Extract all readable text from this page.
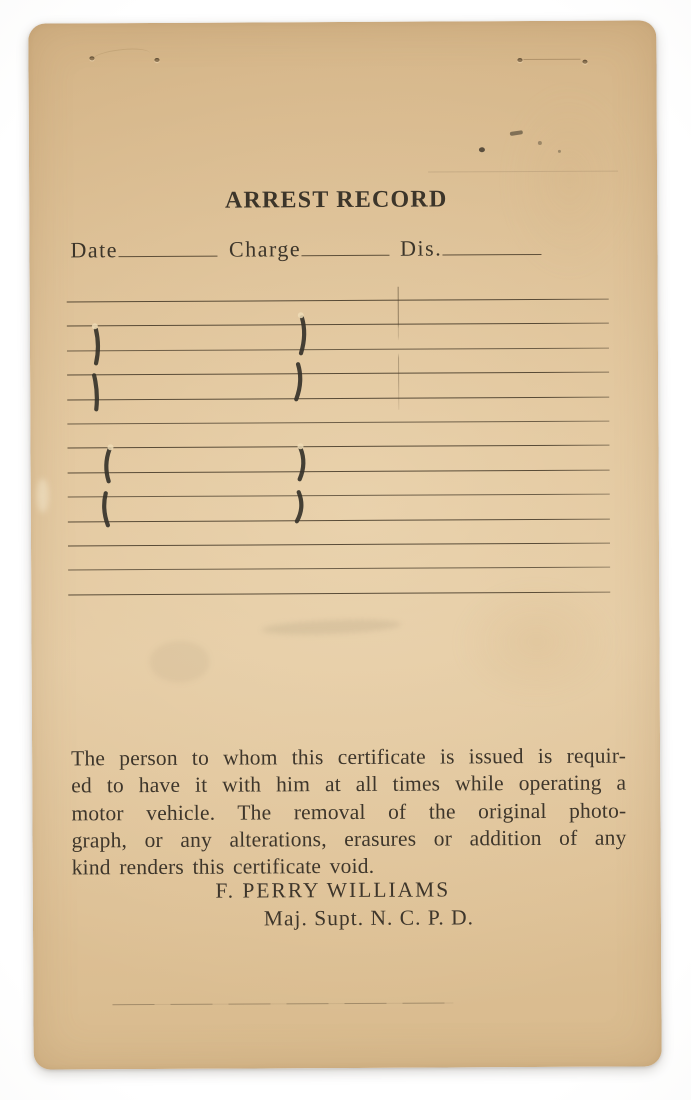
ARREST RECORD
Date	Charge	Dis.
The person to whom this certificate is issued is requir-
ed to have it with him at all times while operating a
motor vehicle. The removal of the original photo-
graph, or any alterations, erasures or addition of any
kind renders this certificate void.
F. PERRY WILLIAMS
Maj. Supt. N. C. P. D.
